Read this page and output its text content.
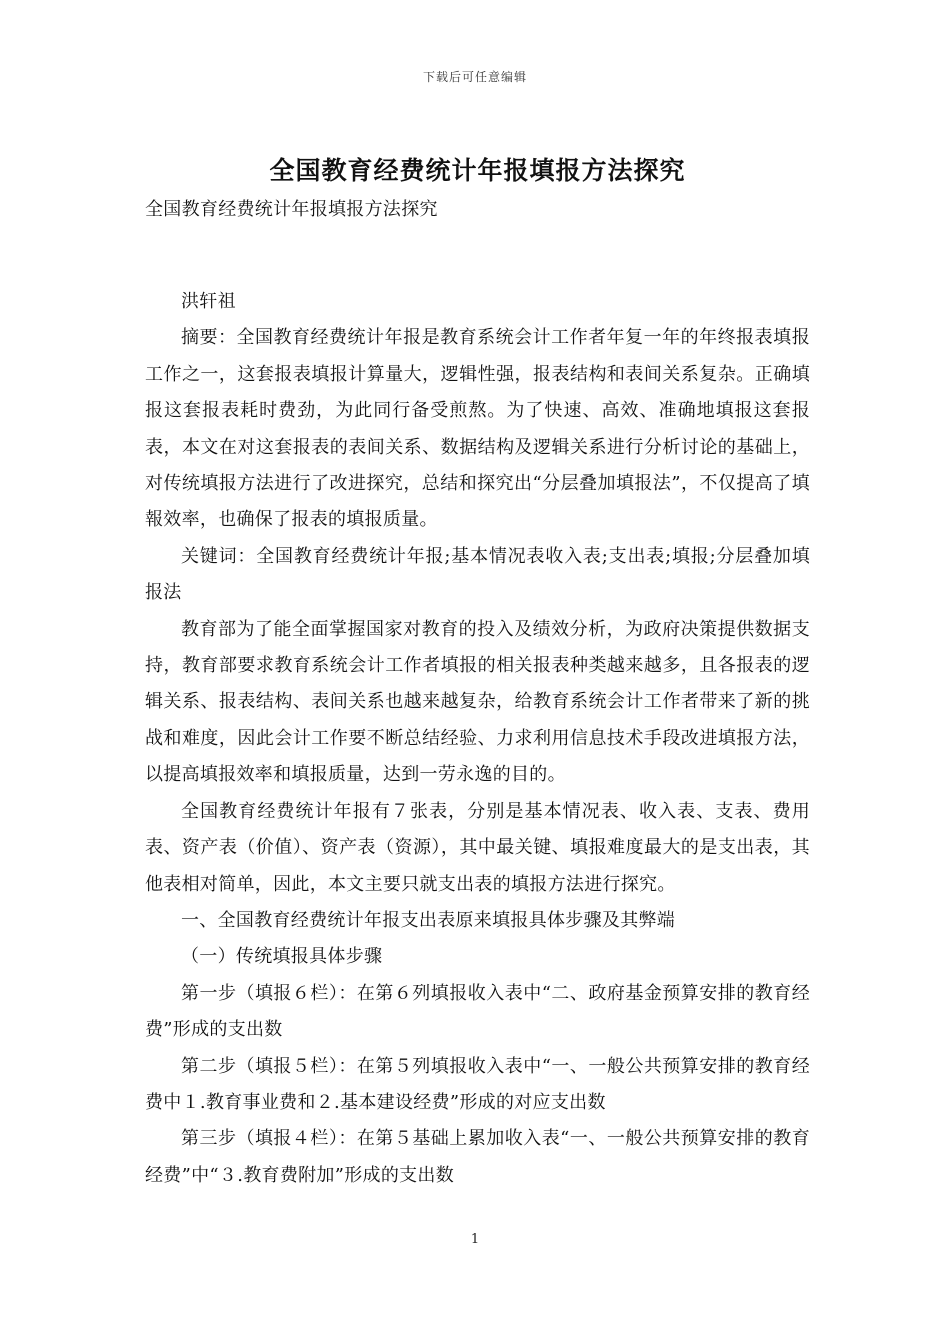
下载后可任意编辑
全国教育经费统计年报填报方法探究

全国教育经费统计年报填报方法探究

洪轩祖

摘要：全国教育经费统计年报是教育系统会计工作者年复一年的年终报表填报工作之一，这套报表填报计算量大，逻辑性强，报表结构和表间关系复杂。正确填报这套报表耗时费劲，为此同行备受煎熬。为了快速、高效、准确地填报这套报表，本文在对这套报表的表间关系、数据结构及逻辑关系进行分析讨论的基础上，对传统填报方法进行了改进探究，总结和探究出“分层叠加填报法”，不仅提高了填報效率，也确保了报表的填报质量。

关键词：全国教育经费统计年报;基本情况表收入表;支出表;填报;分层叠加填报法

教育部为了能全面掌握国家对教育的投入及绩效分析，为政府决策提供数据支持，教育部要求教育系统会计工作者填报的相关报表种类越来越多，且各报表的逻辑关系、报表结构、表间关系也越来越复杂，给教育系统会计工作者带来了新的挑战和难度，因此会计工作要不断总结经验、力求利用信息技术手段改进填报方法，以提高填报效率和填报质量，达到一劳永逸的目的。

全国教育经费统计年报有７张表，分别是基本情况表、收入表、支表、费用表、资产表（价值）、资产表（资源），其中最关键、填报难度最大的是支出表，其他表相对简单，因此，本文主要只就支出表的填报方法进行探究。

一、全国教育经费统计年报支出表原来填报具体步骤及其弊端

（一）传统填报具体步骤

第一步（填报６栏）：在第６列填报收入表中“二、政府基金预算安排的教育经费”形成的支出数

第二步（填报５栏）：在第５列填报收入表中“一、一般公共预算安排的教育经费中１.教育事业费和２.基本建设经费”形成的对应支出数

第三步（填报４栏）：在第５基础上累加收入表“一、一般公共预算安排的教育经费”中“３.教育费附加”形成的支出数

1
